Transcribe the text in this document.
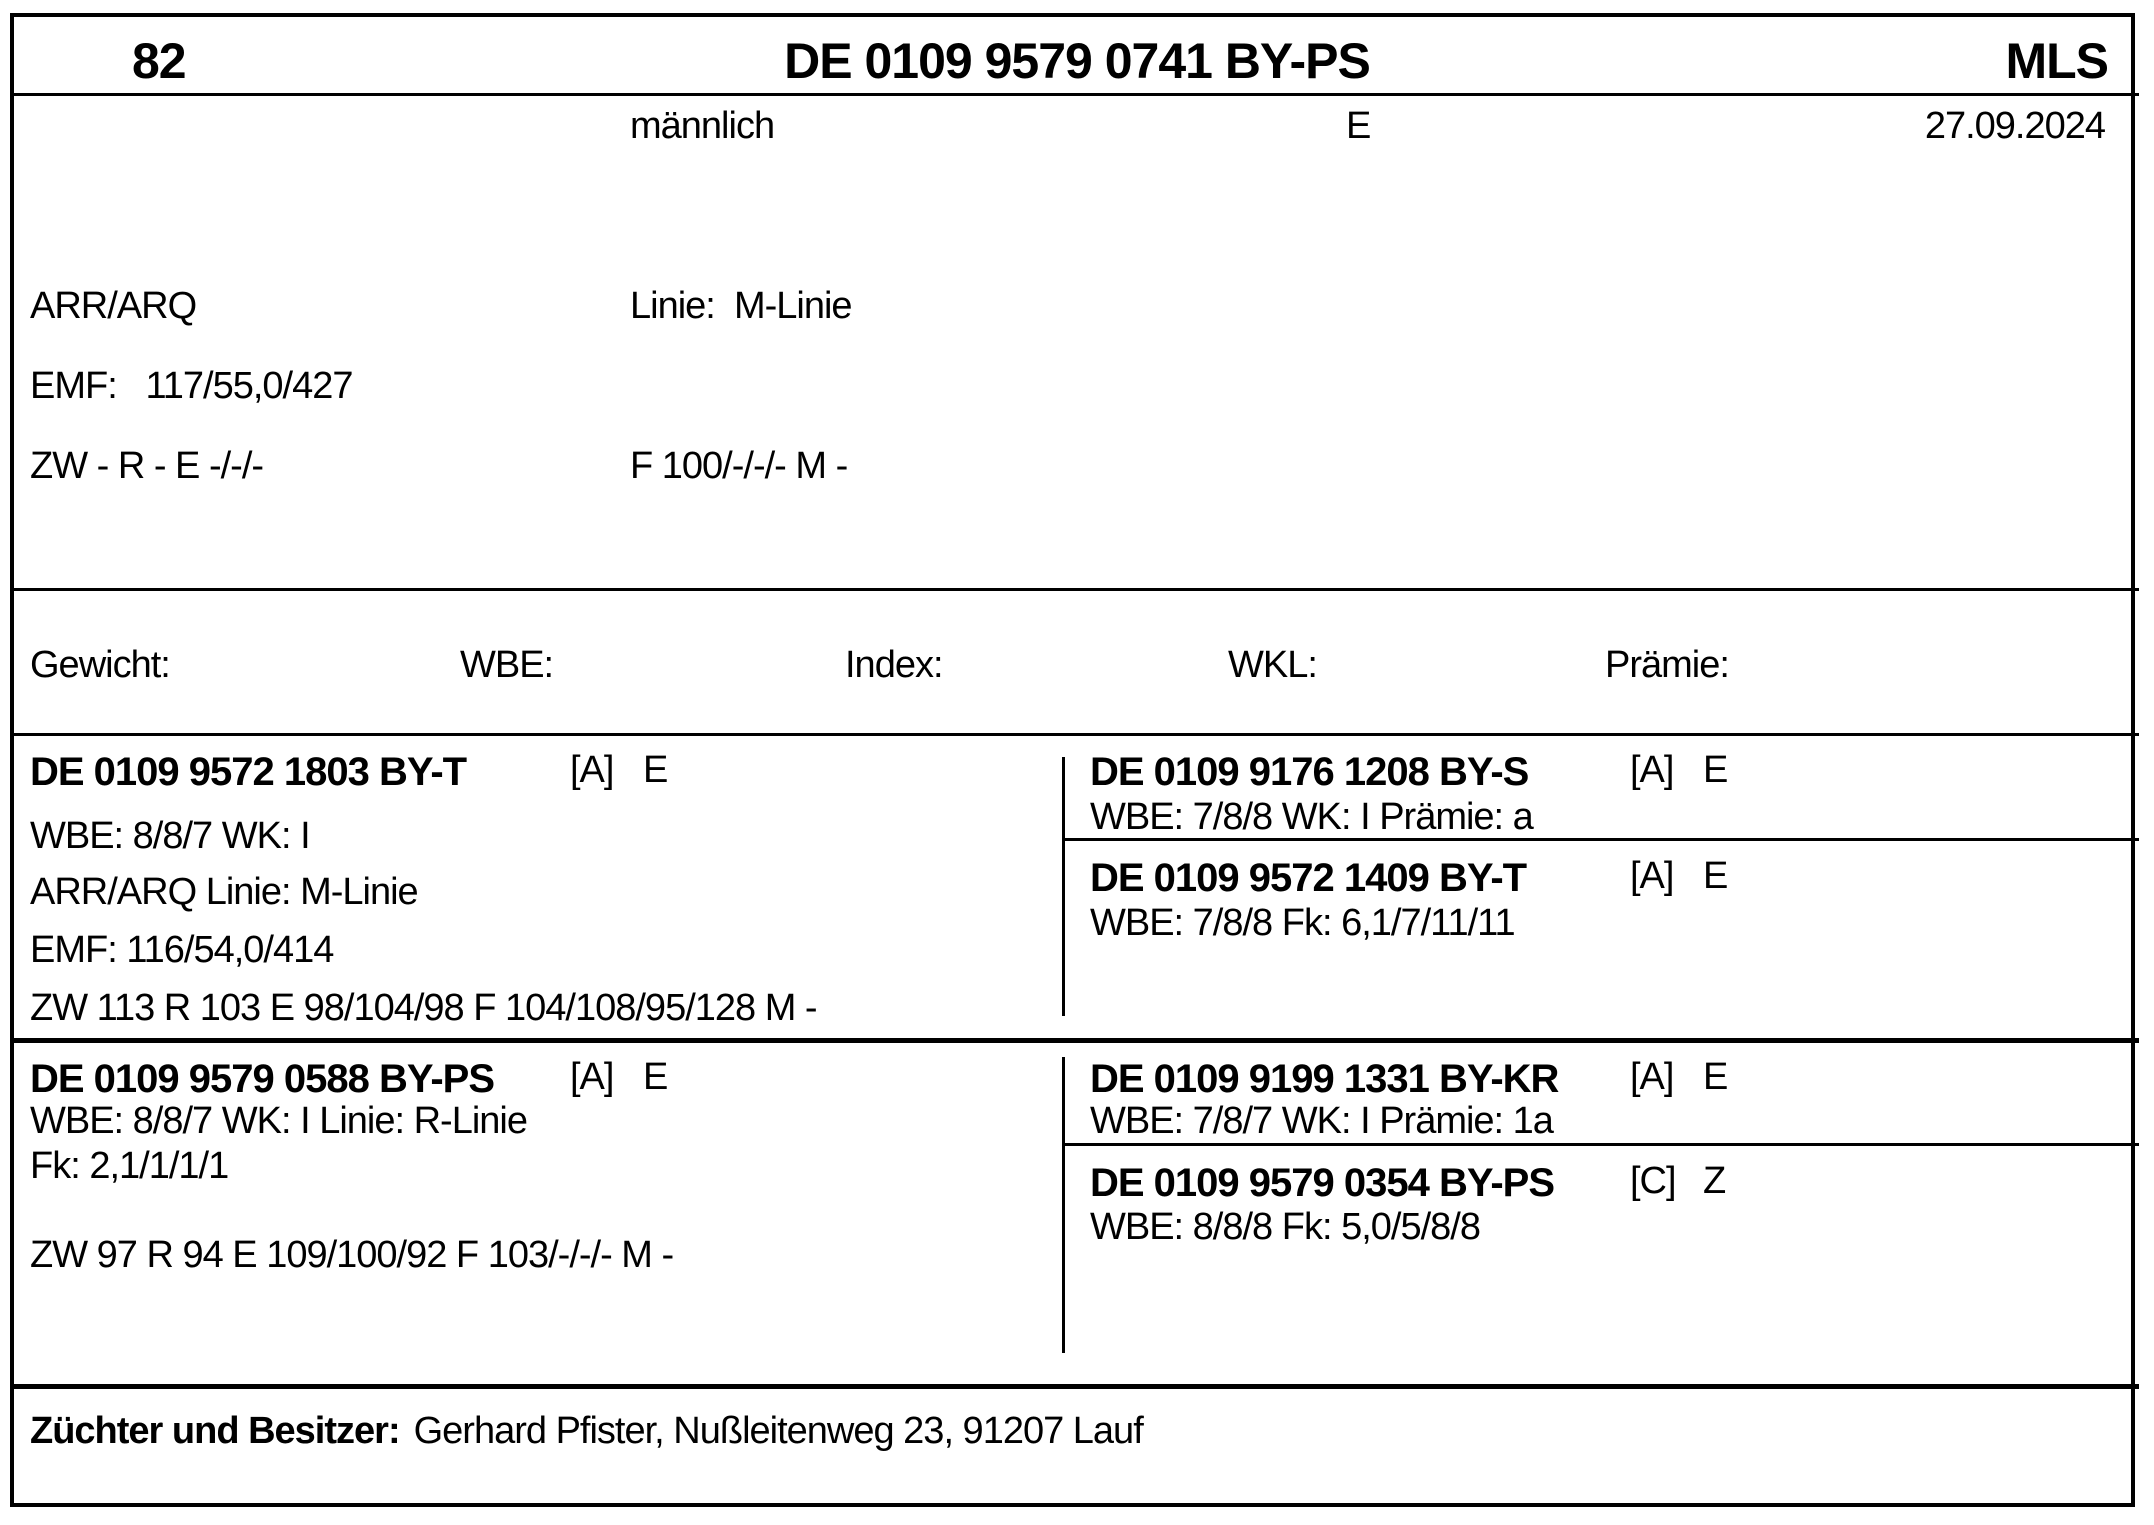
82	DE 0109 9579 0741 BY-PS	MLS
männlich	E	27.09.2024
ARR/ARQ	Linie:  M-Linie
EMF:   117/55,0/427
ZW - R - E -/-/-	F 100/-/-/- M -
Gewicht:	WBE:	Index:	WKL:	Prämie:
DE 0109 9572 1803 BY-T	[A] E
WBE: 8/8/7 WK: I
ARR/ARQ Linie: M-Linie
EMF: 116/54,0/414
ZW 113 R 103 E 98/104/98 F 104/108/95/128 M -
DE 0109 9176 1208 BY-S	[A] E
WBE: 7/8/8 WK: I Prämie: a
DE 0109 9572 1409 BY-T	[A] E
WBE: 7/8/8 Fk: 6,1/7/11/11
DE 0109 9579 0588 BY-PS [A] E
WBE: 8/8/7 WK: I Linie: R-Linie
Fk: 2,1/1/1/1
ZW 97 R 94 E 109/100/92 F 103/-/-/- M -
DE 0109 9199 1331 BY-KR [A] E
WBE: 7/8/7 WK: I Prämie: 1a
DE 0109 9579 0354 BY-PS [C] Z
WBE: 8/8/8 Fk: 5,0/5/8/8
Züchter und Besitzer: Gerhard Pfister, Nußleitenweg 23, 91207 Lauf
